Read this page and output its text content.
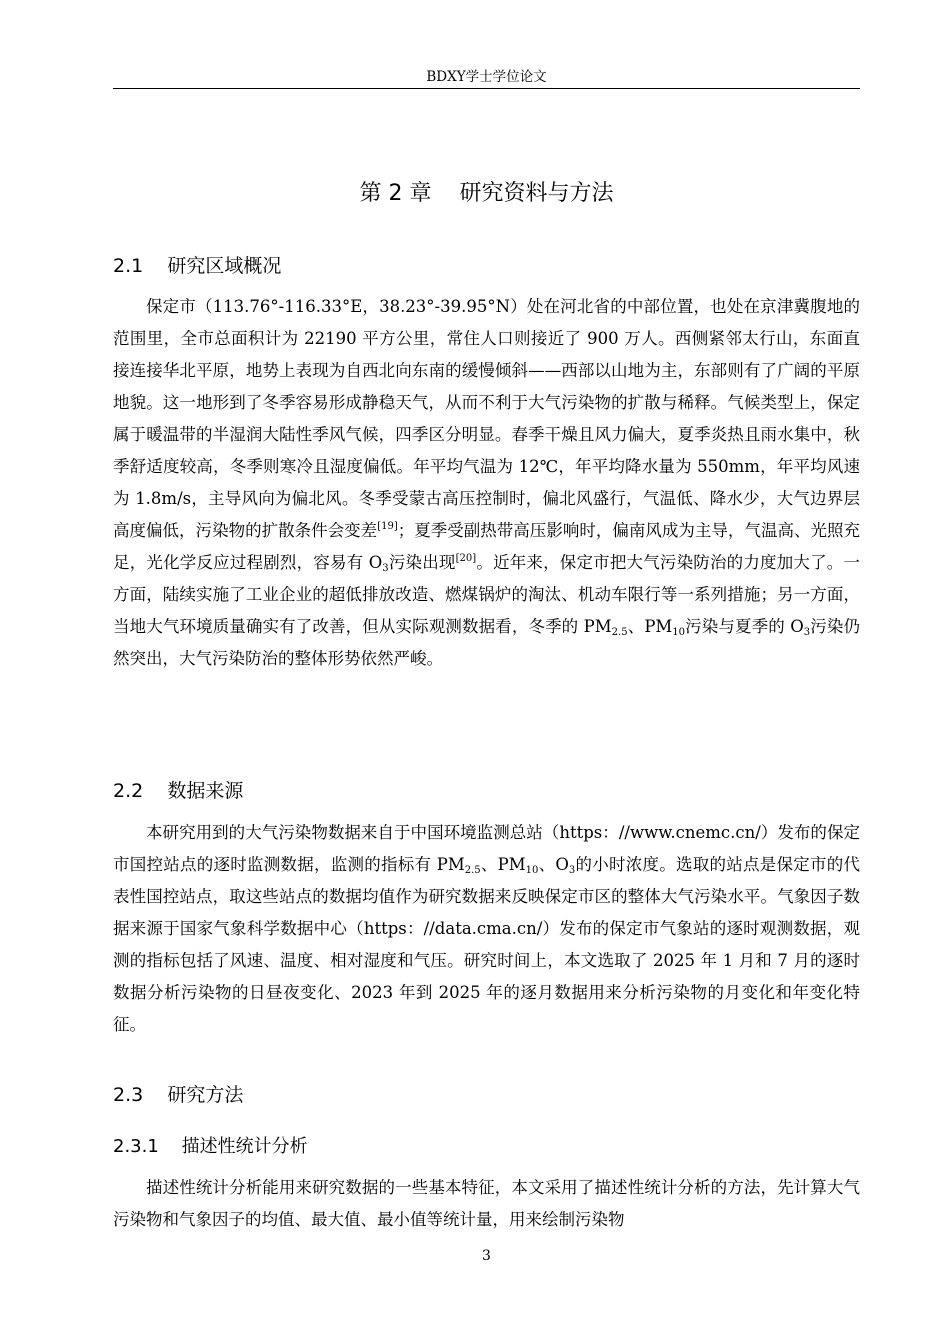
BDXY学士学位论文
第 2 章    研究资料与方法
2.1    研究区域概况

保定市（113.76°-116.33°E，38.23°-39.95°N）处在河北省的中部位置，也处在京津冀腹地的范围里，全市总面积计为 22190 平方公里，常住人口则接近了 900 万人。西侧紧邻太行山，东面直接连接华北平原，地势上表现为自西北向东南的缓慢倾斜——西部以山地为主，东部则有了广阔的平原地貌。这一地形到了冬季容易形成静稳天气，从而不利于大气污染物的扩散与稀释。气候类型上，保定属于暖温带的半湿润大陆性季风气候，四季区分明显。春季干燥且风力偏大，夏季炎热且雨水集中，秋季舒适度较高，冬季则寒冷且湿度偏低。年平均气温为 12℃，年平均降水量为 550mm，年平均风速为 1.8m/s，主导风向为偏北风。冬季受蒙古高压控制时，偏北风盛行，气温低、降水少，大气边界层高度偏低，污染物的扩散条件会变差[19]；夏季受副热带高压影响时，偏南风成为主导，气温高、光照充足，光化学反应过程剧烈，容易有 $O_3$污染出现[20]。近年来，保定市把大气污染防治的力度加大了。一方面，陆续实施了工业企业的超低排放改造、燃煤锅炉的淘汰、机动车限行等一系列措施；另一方面，当地大气环境质量确实有了改善，但从实际观测数据看，冬季的 $PM_{2.5}$、$PM_{10}$污染与夏季的 $O_3$污染仍然突出，大气污染防治的整体形势依然严峻。

2.2    数据来源

本研究用到的大气污染物数据来自于中国环境监测总站（https：//www.cnemc.cn/）发布的保定市国控站点的逐时监测数据，监测的指标有 $PM_{2.5}$、$PM_{10}$、$O_3$的小时浓度。选取的站点是保定市的代表性国控站点，取这些站点的数据均值作为研究数据来反映保定市区的整体大气污染水平。气象因子数据来源于国家气象科学数据中心（https：//data.cma.cn/）发布的保定市气象站的逐时观测数据，观测的指标包括了风速、温度、相对湿度和气压。研究时间上，本文选取了 2025 年 1 月和 7 月的逐时数据分析污染物的日昼夜变化、2023 年到 2025 年的逐月数据用来分析污染物的月变化和年变化特征。

2.3    研究方法
2.3.1    描述性统计分析

描述性统计分析能用来研究数据的一些基本特征，本文采用了描述性统计分析的方法，先计算大气污染物和气象因子的均值、最大值、最小值等统计量，用来绘制污染物

3
